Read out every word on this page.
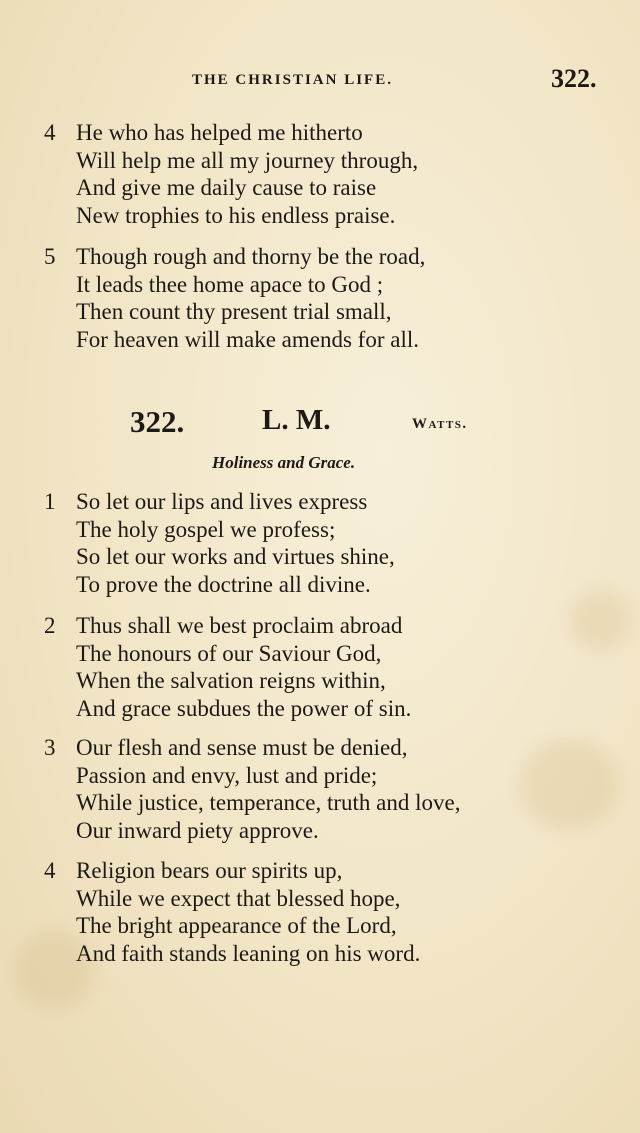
THE CHRISTIAN LIFE.	322.
4 He who has helped me hitherto
Will help me all my journey through,
And give me daily cause to raise
New trophies to his endless praise.
5 Though rough and thorny be the road,
It leads thee home apace to God ;
Then count thy present trial small,
For heaven will make amends for all.
322.	L. M.	Watts.
Holiness and Grace.
1 So let our lips and lives express
The holy gospel we profess;
So let our works and virtues shine,
To prove the doctrine all divine.
2 Thus shall we best proclaim abroad
The honours of our Saviour God,
When the salvation reigns within,
And grace subdues the power of sin.
3 Our flesh and sense must be denied,
Passion and envy, lust and pride;
While justice, temperance, truth and love,
Our inward piety approve.
4 Religion bears our spirits up,
While we expect that blessed hope,
The bright appearance of the Lord,
And faith stands leaning on his word.
